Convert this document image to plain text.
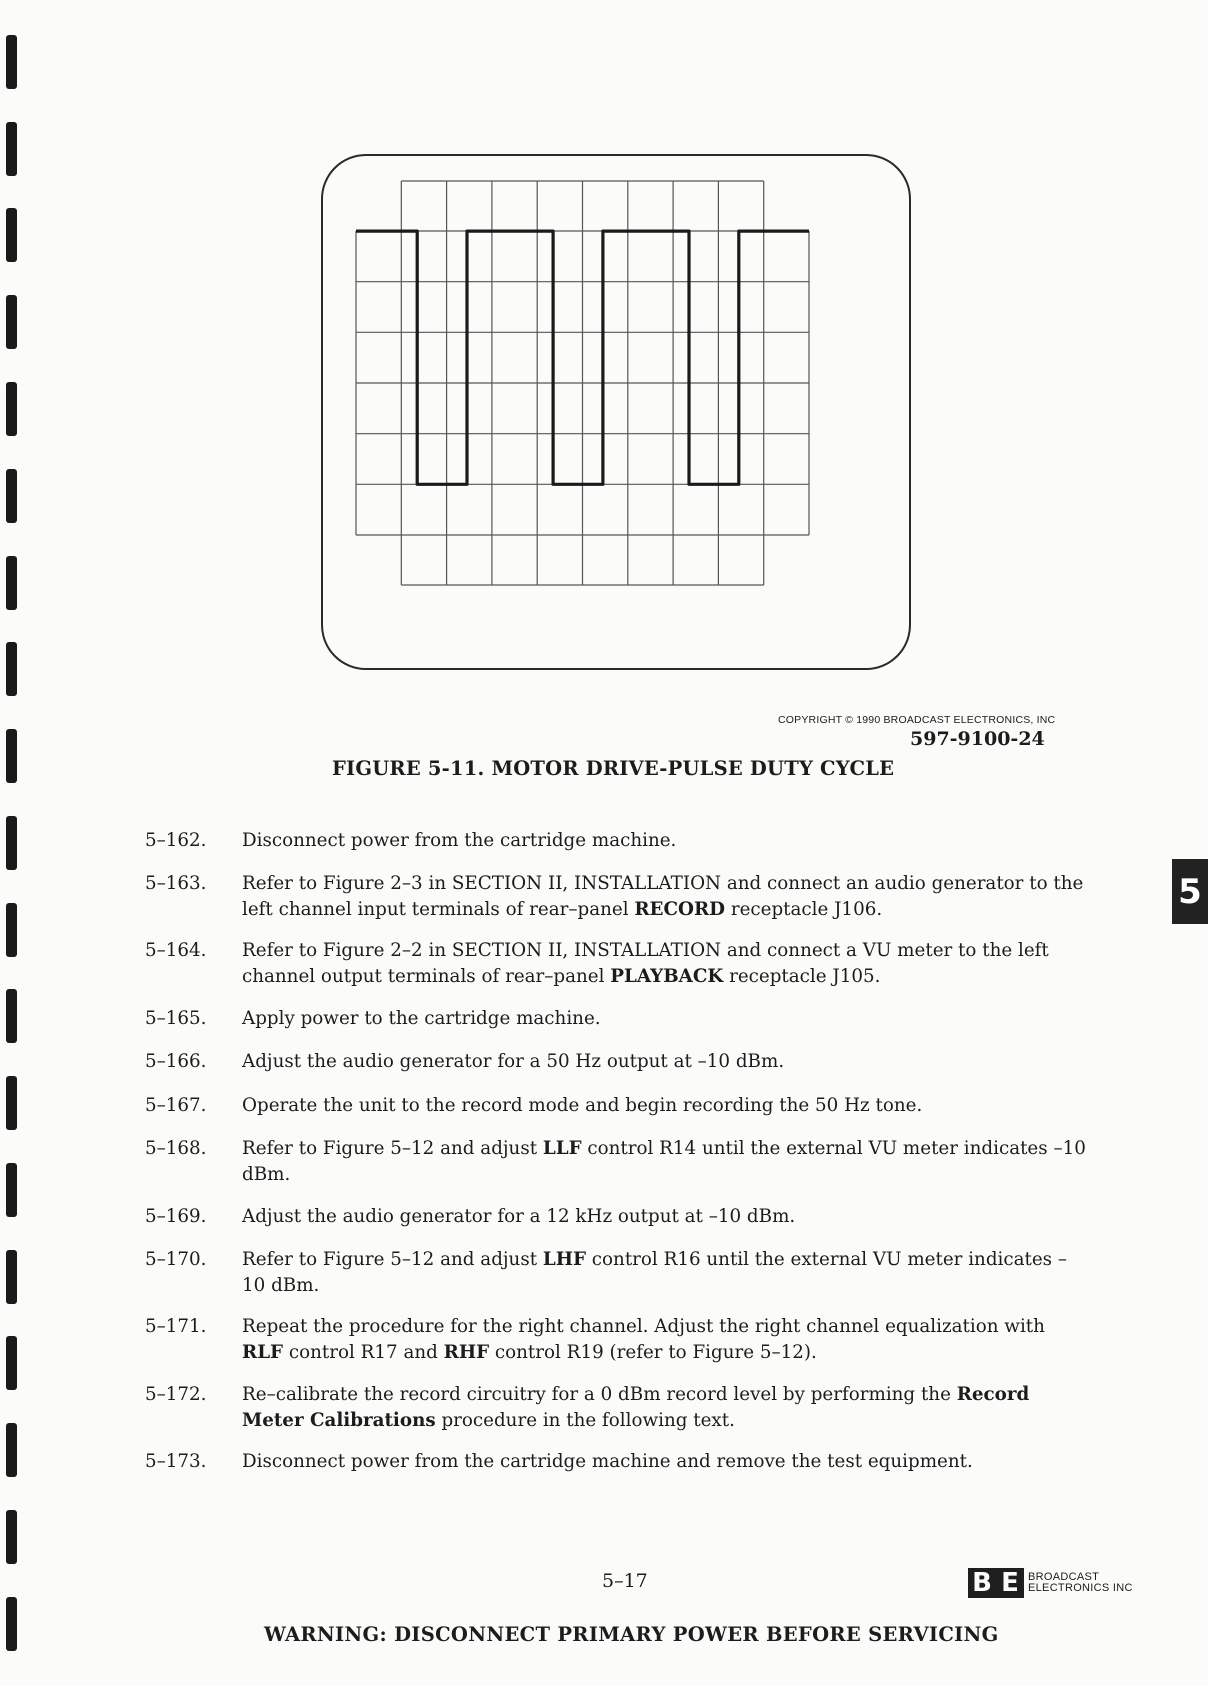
COPYRIGHT © 1990 BROADCAST ELECTRONICS, INC
597-9100-24
FIGURE 5-11. MOTOR DRIVE-PULSE DUTY CYCLE
5–162.	Disconnect power from the cartridge machine.
5–163.	Refer to Figure 2–3 in SECTION II, INSTALLATION and connect an audio generator to the left channel input terminals of rear–panel RECORD receptacle J106.
5–164.	Refer to Figure 2–2 in SECTION II, INSTALLATION and connect a VU meter to the left channel output terminals of rear–panel PLAYBACK receptacle J105.
5–165.	Apply power to the cartridge machine.
5–166.	Adjust the audio generator for a 50 Hz output at –10 dBm.
5–167.	Operate the unit to the record mode and begin recording the 50 Hz tone.
5–168.	Refer to Figure 5–12 and adjust LLF control R14 until the external VU meter indicates –10 dBm.
5–169.	Adjust the audio generator for a 12 kHz output at –10 dBm.
5–170.	Refer to Figure 5–12 and adjust LHF control R16 until the external VU meter indicates –10 dBm.
5–171.	Repeat the procedure for the right channel. Adjust the right channel equalization with RLF control R17 and RHF control R19 (refer to Figure 5–12).
5–172.	Re–calibrate the record circuitry for a 0 dBm record level by performing the Record Meter Calibrations procedure in the following text.
5–173.	Disconnect power from the cartridge machine and remove the test equipment.
5
5–17	B E BROADCAST
ELECTRONICS INC
WARNING: DISCONNECT PRIMARY POWER BEFORE SERVICING
